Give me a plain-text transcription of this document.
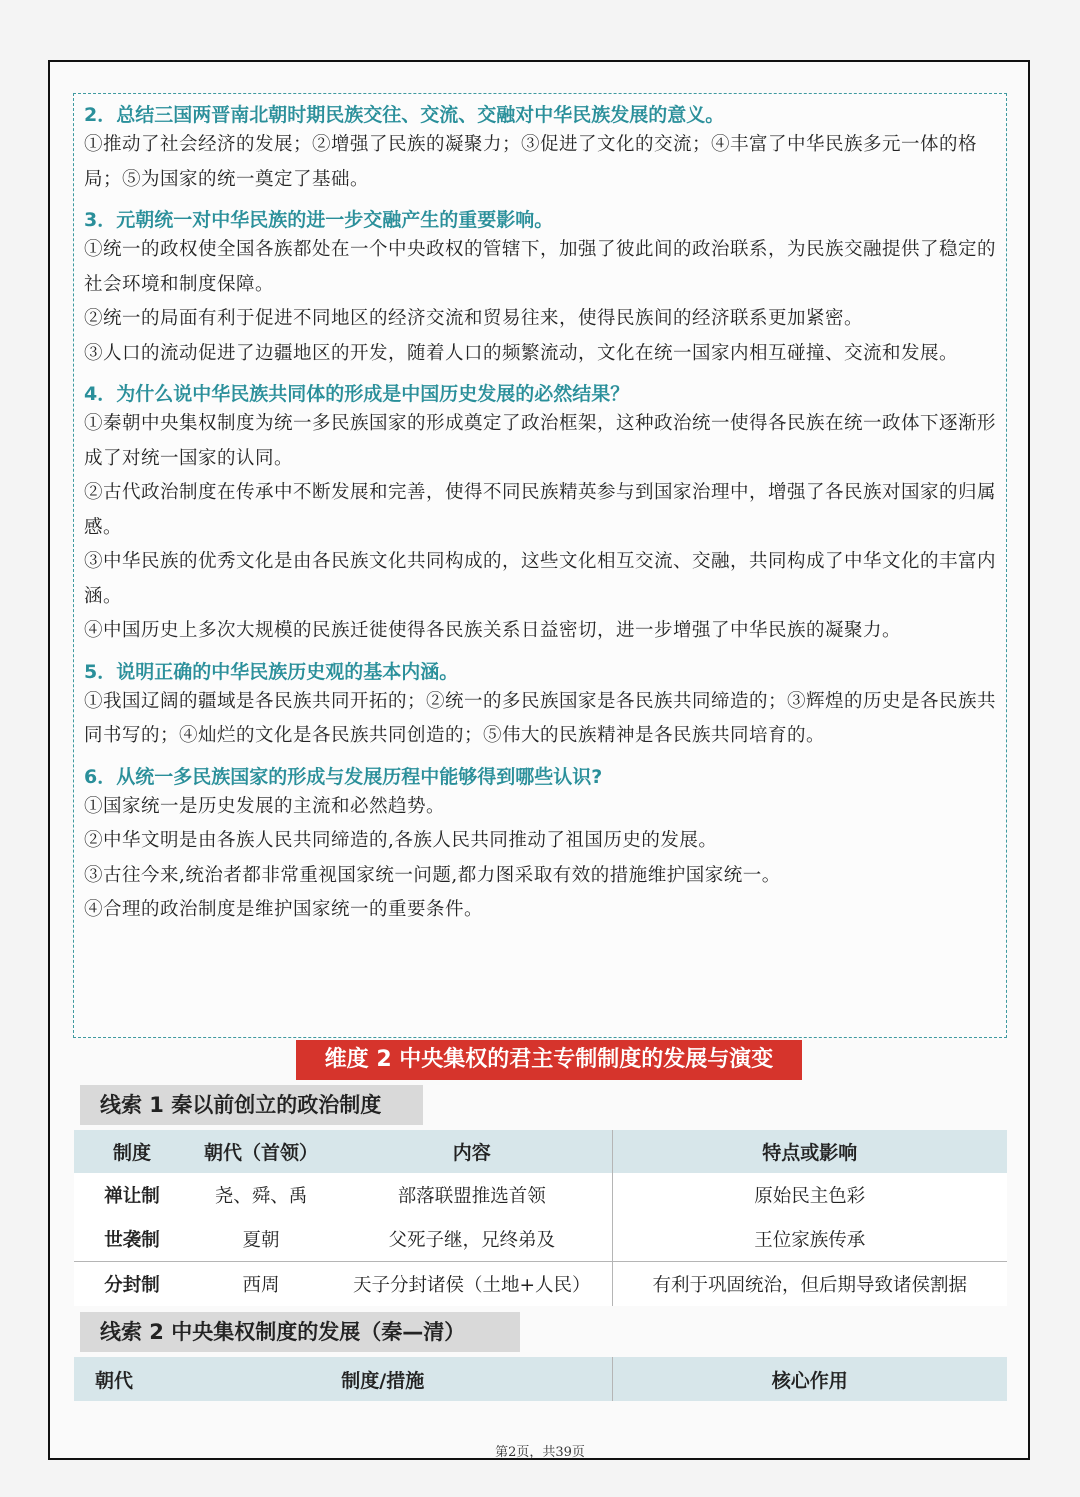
2．总结三国两晋南北朝时期民族交往、交流、交融对中华民族发展的意义。

①推动了社会经济的发展；②增强了民族的凝聚力；③促进了文化的交流；④丰富了中华民族多元一体的格局；⑤为国家的统一奠定了基础。

3．元朝统一对中华民族的进一步交融产生的重要影响。

①统一的政权使全国各族都处在一个中央政权的管辖下，加强了彼此间的政治联系，为民族交融提供了稳定的社会环境和制度保障。

②统一的局面有利于促进不同地区的经济交流和贸易往来，使得民族间的经济联系更加紧密。

③人口的流动促进了边疆地区的开发，随着人口的频繁流动，文化在统一国家内相互碰撞、交流和发展。

4．为什么说中华民族共同体的形成是中国历史发展的必然结果？

①秦朝中央集权制度为统一多民族国家的形成奠定了政治框架，这种政治统一使得各民族在统一政体下逐渐形成了对统一国家的认同。

②古代政治制度在传承中不断发展和完善，使得不同民族精英参与到国家治理中，增强了各民族对国家的归属感。

③中华民族的优秀文化是由各民族文化共同构成的，这些文化相互交流、交融，共同构成了中华文化的丰富内涵。

④中国历史上多次大规模的民族迁徙使得各民族关系日益密切，进一步增强了中华民族的凝聚力。

5．说明正确的中华民族历史观的基本内涵。

①我国辽阔的疆域是各民族共同开拓的；②统一的多民族国家是各民族共同缔造的；③辉煌的历史是各民族共同书写的；④灿烂的文化是各民族共同创造的；⑤伟大的民族精神是各民族共同培育的。

6．从统一多民族国家的形成与发展历程中能够得到哪些认识?

①国家统一是历史发展的主流和必然趋势。

②中华文明是由各族人民共同缔造的,各族人民共同推动了祖国历史的发展。

③古往今来,统治者都非常重视国家统一问题,都力图采取有效的措施维护国家统一。

④合理的政治制度是维护国家统一的重要条件。

维度 2 中央集权的君主专制制度的发展与演变
线索 1 秦以前创立的政治制度
制度	朝代（首领）	内容	特点或影响
禅让制	尧、舜、禹	部落联盟推选首领	原始民主色彩
世袭制	夏朝	父死子继，兄终弟及	王位家族传承
分封制	西周	天子分封诸侯（土地+人民）	有利于巩固统治，但后期导致诸侯割据
线索 2 中央集权制度的发展（秦—清）
朝代	制度/措施	核心作用
第2页，共39页
